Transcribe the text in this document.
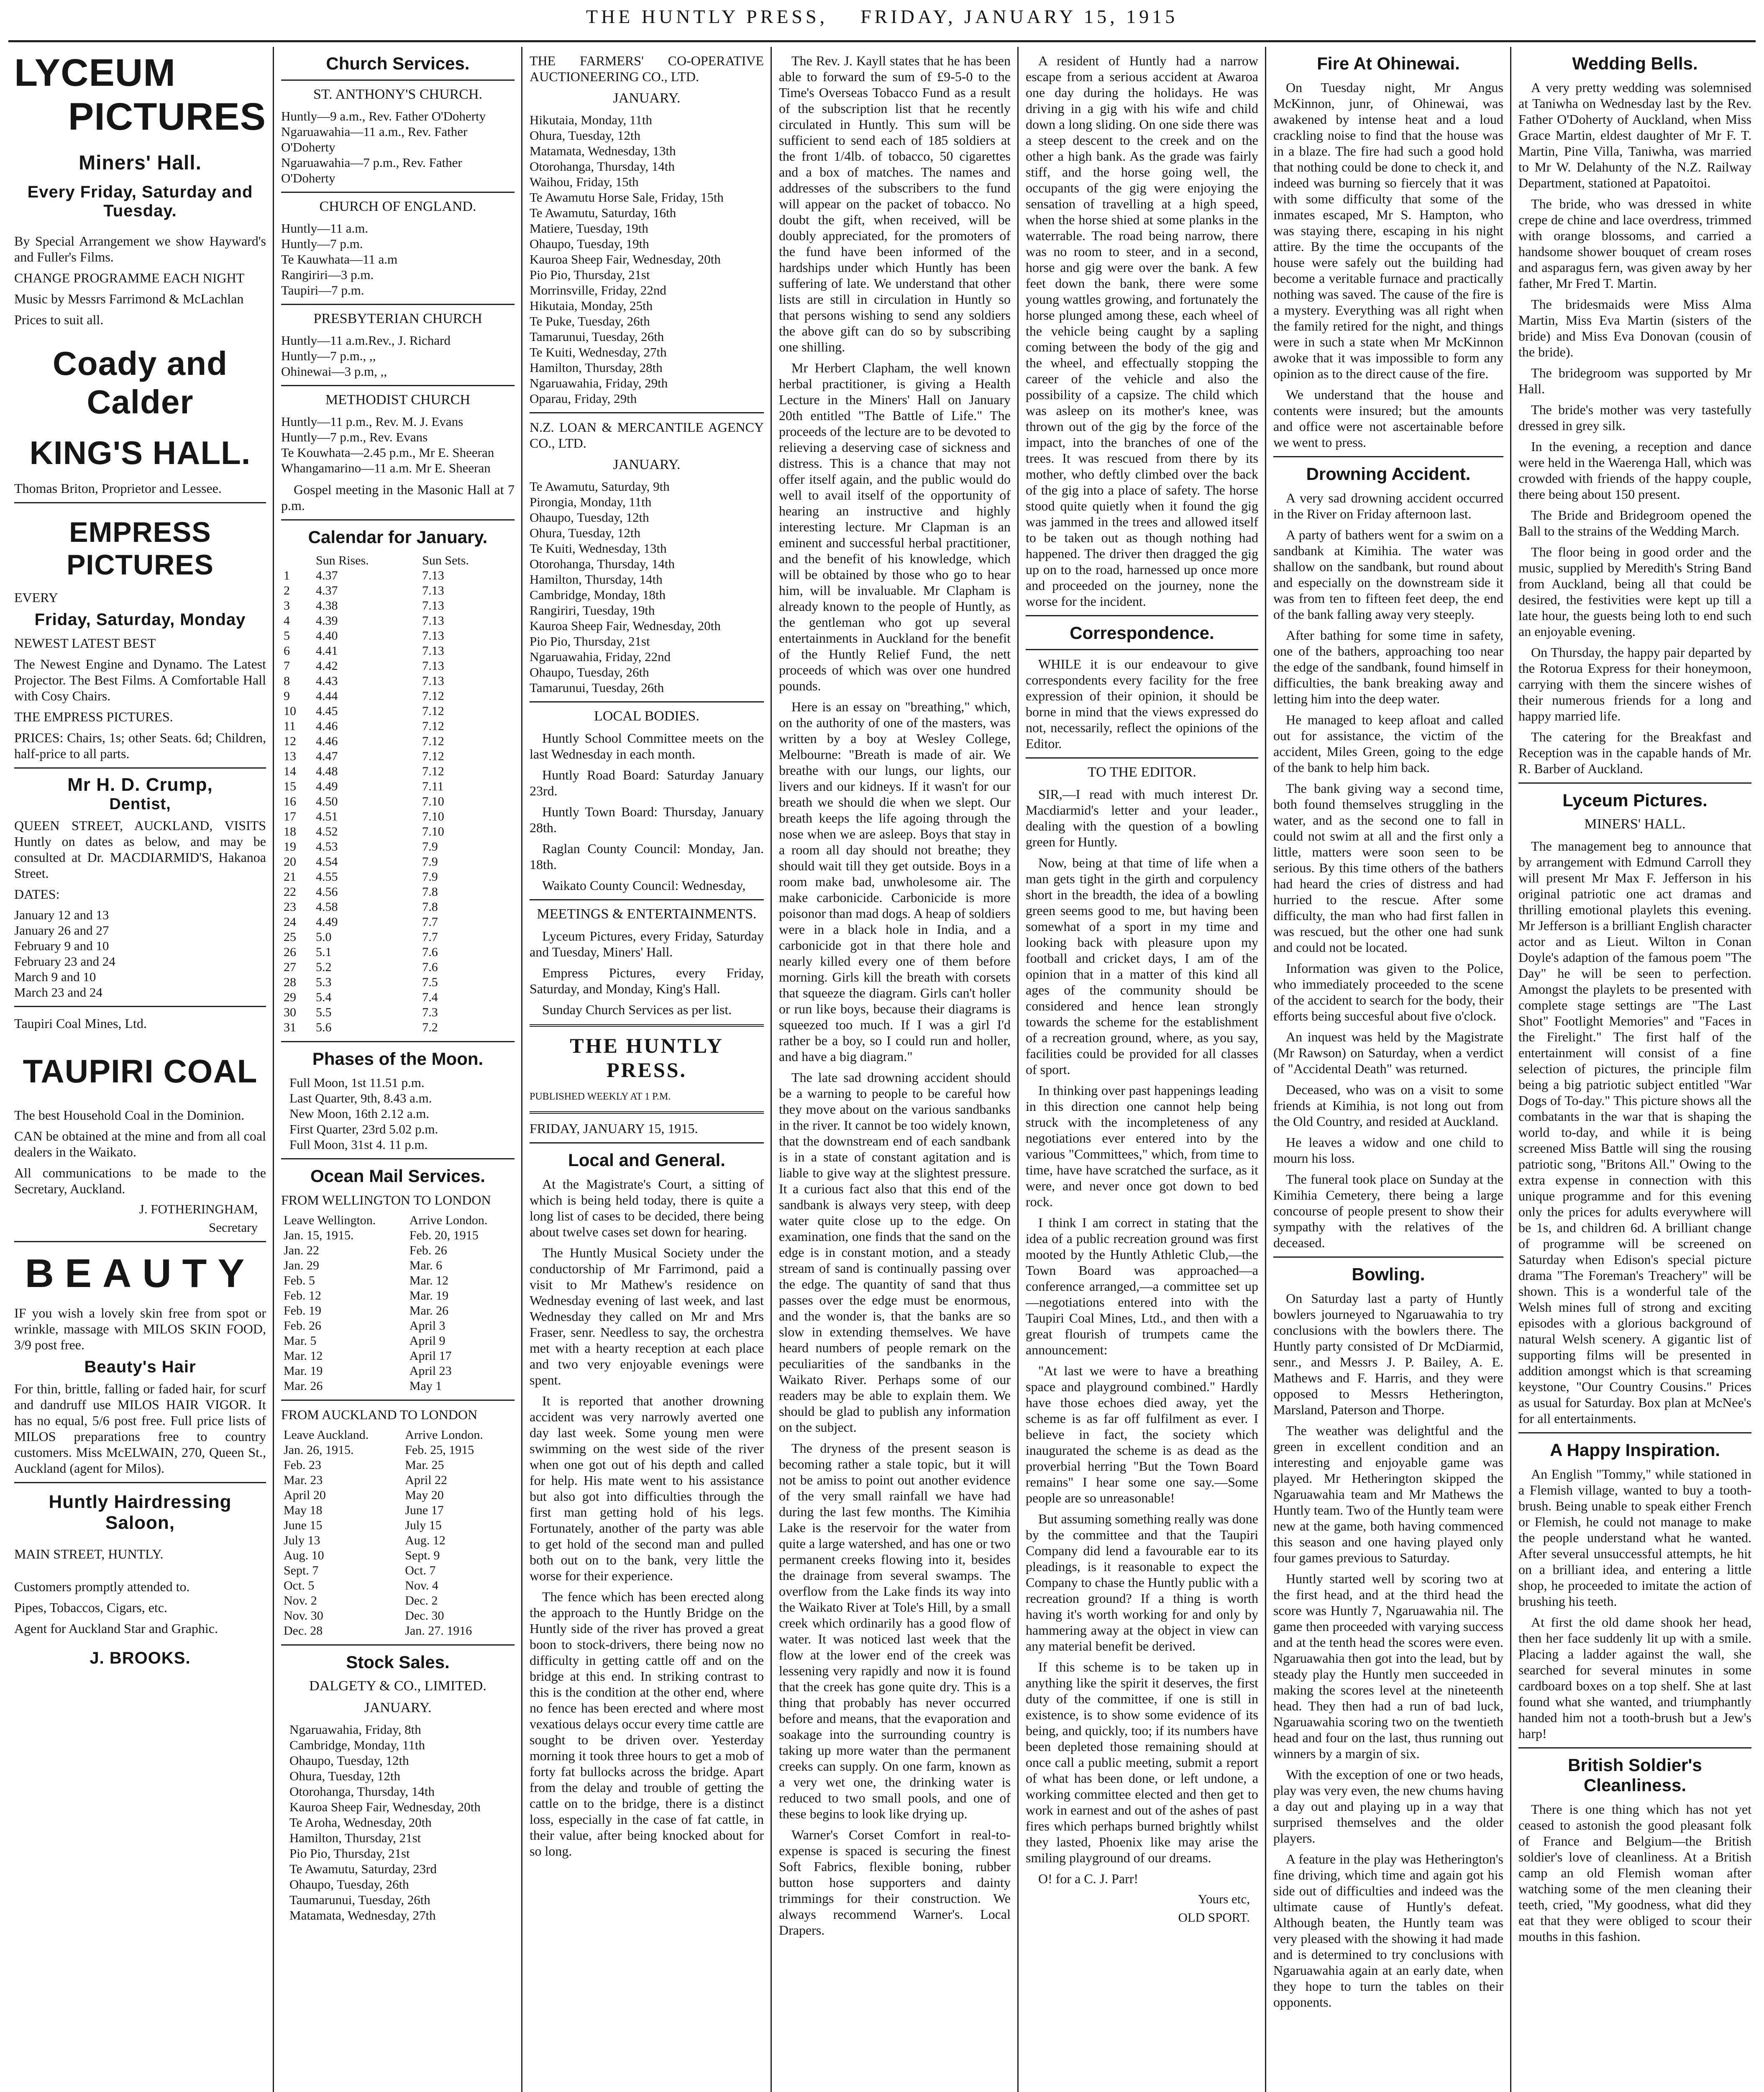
THE HUNTLY PRESS, FRIDAY, JANUARY 15, 1915
LYCEUM
PICTURES
Miners' Hall.
Every Friday, Saturday and Tuesday.

By Special Arrangement we show Hayward's and Fuller's Films.

CHANGE PROGRAMME EACH NIGHT

Music by Messrs Farrimond & McLachlan

Prices to suit all.

Coady and Calder
KING'S HALL.

Thomas Briton, Proprietor and Lessee.

EMPRESS PICTURES

EVERY

Friday, Saturday, Monday

NEWEST LATEST BEST

The Newest Engine and Dynamo. The Latest Projector. The Best Films. A Comfortable Hall with Cosy Chairs.

THE EMPRESS PICTURES.

PRICES: Chairs, 1s; other Seats. 6d; Children, half-price to all parts.

Mr H. D. Crump,
Dentist,

QUEEN STREET, AUCKLAND, VISITS Huntly on dates as below, and may be consulted at Dr. MACDIARMID'S, Hakanoa Street.

DATES:

January 12 and 13
January 26 and 27
February 9 and 10
February 23 and 24
March 9 and 10
March 23 and 24

Taupiri Coal Mines, Ltd.

TAUPIRI COAL

The best Household Coal in the Dominion.

CAN be obtained at the mine and from all coal dealers in the Waikato.

All communications to be made to the Secretary, Auckland.

J. FOTHERINGHAM,
Secretary
BEAUTY

IF you wish a lovely skin free from spot or wrinkle, massage with MILOS SKIN FOOD, 3/9 post free.

Beauty's Hair

For thin, brittle, falling or faded hair, for scurf and dandruff use MILOS HAIR VIGOR. It has no equal, 5/6 post free. Full price lists of MILOS preparations free to country customers. Miss McELWAIN, 270, Queen St., Auckland (agent for Milos).

Huntly Hairdressing Saloon,

MAIN STREET, HUNTLY.

Customers promptly attended to.

Pipes, Tobaccos, Cigars, etc.

Agent for Auckland Star and Graphic.

J. BROOKS.
Church Services.
ST. ANTHONY'S CHURCH.
Huntly—9 a.m., Rev. Father O'Doherty
Ngaruawahia—11 a.m., Rev. Father O'Doherty
Ngaruawahia—7 p.m., Rev. Father O'Doherty
CHURCH OF ENGLAND.
Huntly—11 a.m.
Huntly—7 p.m.
Te Kauwhata—11 a.m
Rangiriri—3 p.m.
Taupiri—7 p.m.
PRESBYTERIAN CHURCH
Huntly—11 a.m.Rev., J. Richard
Huntly—7 p.m., ,,
Ohinewai—3 p.m, ,,
METHODIST CHURCH
Huntly—11 p.m., Rev. M. J. Evans
Huntly—7 p.m., Rev. Evans
Te Kouwhata—2.45 p.m., Mr E. Sheeran
Whangamarino—11 a.m. Mr E. Sheeran

Gospel meeting in the Masonic Hall at 7 p.m.

Calendar for January.
	Sun Rises.	Sun Sets.
1	4.37	7.13
2	4.37	7.13
3	4.38	7.13
4	4.39	7.13
5	4.40	7.13
6	4.41	7.13
7	4.42	7.13
8	4.43	7.13
9	4.44	7.12
10	4.45	7.12
11	4.46	7.12
12	4.46	7.12
13	4.47	7.12
14	4.48	7.12
15	4.49	7.11
16	4.50	7.10
17	4.51	7.10
18	4.52	7.10
19	4.53	7.9
20	4.54	7.9
21	4.55	7.9
22	4.56	7.8
23	4.58	7.8
24	4.49	7.7
25	5.0	7.7
26	5.1	7.6
27	5.2	7.6
28	5.3	7.5
29	5.4	7.4
30	5.5	7.3
31	5.6	7.2
Phases of the Moon.
Full Moon, 1st 11.51 p.m.
Last Quarter, 9th, 8.43 a.m.
New Moon, 16th 2.12 a.m.
First Quarter, 23rd 5.02 p.m.
Full Moon, 31st 4. 11 p.m.
Ocean Mail Services.

FROM WELLINGTON TO LONDON

Leave Wellington.	Arrive London.
Jan. 15, 1915.	Feb. 20, 1915
Jan. 22	Feb. 26
Jan. 29	Mar. 6
Feb. 5	Mar. 12
Feb. 12	Mar. 19
Feb. 19	Mar. 26
Feb. 26	April 3
Mar. 5	April 9
Mar. 12	April 17
Mar. 19	April 23
Mar. 26	May 1

FROM AUCKLAND TO LONDON

Leave Auckland.	Arrive London.
Jan. 26, 1915.	Feb. 25, 1915
Feb. 23	Mar. 25
Mar. 23	April 22
April 20	May 20
May 18	June 17
June 15	July 15
July 13	Aug. 12
Aug. 10	Sept. 9
Sept. 7	Oct. 7
Oct. 5	Nov. 4
Nov. 2	Dec. 2
Nov. 30	Dec. 30
Dec. 28	Jan. 27. 1916
Stock Sales.
DALGETY & CO., LIMITED.
JANUARY.
Ngaruawahia, Friday, 8th
Cambridge, Monday, 11th
Ohaupo, Tuesday, 12th
Ohura, Tuesday, 12th
Otorohanga, Thursday, 14th
Kauroa Sheep Fair, Wednesday, 20th
Te Aroha, Wednesday, 20th
Hamilton, Thursday, 21st
Pio Pio, Thursday, 21st
Te Awamutu, Saturday, 23rd
Ohaupo, Tuesday, 26th
Taumarunui, Tuesday, 26th
Matamata, Wednesday, 27th

THE FARMERS' CO-OPERATIVE AUCTIONEERING CO., LTD.

JANUARY.
Hikutaia, Monday, 11th
Ohura, Tuesday, 12th
Matamata, Wednesday, 13th
Otorohanga, Thursday, 14th
Waihou, Friday, 15th
Te Awamutu Horse Sale, Friday, 15th
Te Awamutu, Saturday, 16th
Matiere, Tuesday, 19th
Ohaupo, Tuesday, 19th
Kauroa Sheep Fair, Wednesday, 20th
Pio Pio, Thursday, 21st
Morrinsville, Friday, 22nd
Hikutaia, Monday, 25th
Te Puke, Tuesday, 26th
Tamarunui, Tuesday, 26th
Te Kuiti, Wednesday, 27th
Hamilton, Thursday, 28th
Ngaruawahia, Friday, 29th
Oparau, Friday, 29th

N.Z. LOAN & MERCANTILE AGENCY CO., LTD.

JANUARY.
Te Awamutu, Saturday, 9th
Pirongia, Monday, 11th
Ohaupo, Tuesday, 12th
Ohura, Tuesday, 12th
Te Kuiti, Wednesday, 13th
Otorohanga, Thursday, 14th
Hamilton, Thursday, 14th
Cambridge, Monday, 18th
Rangiriri, Tuesday, 19th
Kauroa Sheep Fair, Wednesday, 20th
Pio Pio, Thursday, 21st
Ngaruawahia, Friday, 22nd
Ohaupo, Tuesday, 26th
Tamarunui, Tuesday, 26th
LOCAL BODIES.

Huntly School Committee meets on the last Wednesday in each month.

Huntly Road Board: Saturday January 23rd.

Huntly Town Board: Thursday, January 28th.

Raglan County Council: Monday, Jan. 18th.

Waikato County Council: Wednesday,

MEETINGS & ENTERTAINMENTS.

Lyceum Pictures, every Friday, Saturday and Tuesday, Miners' Hall.

Empress Pictures, every Friday, Saturday, and Monday, King's Hall.

Sunday Church Services as per list.

THE HUNTLY PRESS.

PUBLISHED WEEKLY AT 1 P.M.

FRIDAY, JANUARY 15, 1915.

Local and General.

At the Magistrate's Court, a sitting of which is being held today, there is quite a long list of cases to be decided, there being about twelve cases set down for hearing.

The Huntly Musical Society under the conductorship of Mr Farrimond, paid a visit to Mr Mathew's residence on Wednesday evening of last week, and last Wednesday they called on Mr and Mrs Fraser, senr. Needless to say, the orchestra met with a hearty reception at each place and two very enjoyable evenings were spent.

It is reported that another drowning accident was very narrowly averted one day last week. Some young men were swimming on the west side of the river when one got out of his depth and called for help. His mate went to his assistance but also got into difficulties through the first man getting hold of his legs. Fortunately, another of the party was able to get hold of the second man and pulled both out on to the bank, very little the worse for their experience.

The fence which has been erected along the approach to the Huntly Bridge on the Huntly side of the river has proved a great boon to stock-drivers, there being now no difficulty in getting cattle off and on the bridge at this end. In striking contrast to this is the condition at the other end, where no fence has been erected and where most vexatious delays occur every time cattle are sought to be driven over. Yesterday morning it took three hours to get a mob of forty fat bullocks across the bridge. Apart from the delay and trouble of getting the cattle on to the bridge, there is a distinct loss, especially in the case of fat cattle, in their value, after being knocked about for so long.

The Rev. J. Kayll states that he has been able to forward the sum of £9-5-0 to the Time's Overseas Tobacco Fund as a result of the subscription list that he recently circulated in Huntly. This sum will be sufficient to send each of 185 soldiers at the front 1/4lb. of tobacco, 50 cigarettes and a box of matches. The names and addresses of the subscribers to the fund will appear on the packet of tobacco. No doubt the gift, when received, will be doubly appreciated, for the promoters of the fund have been informed of the hardships under which Huntly has been suffering of late. We understand that other lists are still in circulation in Huntly so that persons wishing to send any soldiers the above gift can do so by subscribing one shilling.

Mr Herbert Clapham, the well known herbal practitioner, is giving a Health Lecture in the Miners' Hall on January 20th entitled "The Battle of Life." The proceeds of the lecture are to be devoted to relieving a deserving case of sickness and distress. This is a chance that may not offer itself again, and the public would do well to avail itself of the opportunity of hearing an instructive and highly interesting lecture. Mr Clapman is an eminent and successful herbal practitioner, and the benefit of his knowledge, which will be obtained by those who go to hear him, will be invaluable. Mr Clapham is already known to the people of Huntly, as the gentleman who got up several entertainments in Auckland for the benefit of the Huntly Relief Fund, the nett proceeds of which was over one hundred pounds.

Here is an essay on "breathing," which, on the authority of one of the masters, was written by a boy at Wesley College, Melbourne: "Breath is made of air. We breathe with our lungs, our lights, our livers and our kidneys. If it wasn't for our breath we should die when we slept. Our breath keeps the life agoing through the nose when we are asleep. Boys that stay in a room all day should not breathe; they should wait till they get outside. Boys in a room make bad, unwholesome air. The make carbonicide. Carbonicide is more poisonor than mad dogs. A heap of soldiers were in a black hole in India, and a carbonicide got in that there hole and nearly killed every one of them before morning. Girls kill the breath with corsets that squeeze the diagram. Girls can't holler or run like boys, because their diagrams is squeezed too much. If I was a girl I'd rather be a boy, so I could run and holler, and have a big diagram."

The late sad drowning accident should be a warning to people to be careful how they move about on the various sandbanks in the river. It cannot be too widely known, that the downstream end of each sandbank is in a state of constant agitation and is liable to give way at the slightest pressure. It a curious fact also that this end of the sandbank is always very steep, with deep water quite close up to the edge. On examination, one finds that the sand on the edge is in constant motion, and a steady stream of sand is continually passing over the edge. The quantity of sand that thus passes over the edge must be enormous, and the wonder is, that the banks are so slow in extending themselves. We have heard numbers of people remark on the peculiarities of the sandbanks in the Waikato River. Perhaps some of our readers may be able to explain them. We should be glad to publish any information on the subject.

The dryness of the present season is becoming rather a stale topic, but it will not be amiss to point out another evidence of the very small rainfall we have had during the last few months. The Kimihia Lake is the reservoir for the water from quite a large watershed, and has one or two permanent creeks flowing into it, besides the drainage from several swamps. The overflow from the Lake finds its way into the Waikato River at Tole's Hill, by a small creek which ordinarily has a good flow of water. It was noticed last week that the flow at the lower end of the creek was lessening very rapidly and now it is found that the creek has gone quite dry. This is a thing that probably has never occurred before and means, that the evaporation and soakage into the surrounding country is taking up more water than the permanent creeks can supply. On one farm, known as a very wet one, the drinking water is reduced to two small pools, and one of these begins to look like drying up.

Warner's Corset Comfort in real-to-expense is spaced is securing the finest Soft Fabrics, flexible boning, rubber button hose supporters and dainty trimmings for their construction. We always recommend Warner's. Local Drapers.

A resident of Huntly had a narrow escape from a serious accident at Awaroa one day during the holidays. He was driving in a gig with his wife and child down a long sliding. On one side there was a steep descent to the creek and on the other a high bank. As the grade was fairly stiff, and the horse going well, the occupants of the gig were enjoying the sensation of travelling at a high speed, when the horse shied at some planks in the waterrable. The road being narrow, there was no room to steer, and in a second, horse and gig were over the bank. A few feet down the bank, there were some young wattles growing, and fortunately the horse plunged among these, each wheel of the vehicle being caught by a sapling coming between the body of the gig and the wheel, and effectually stopping the career of the vehicle and also the possibility of a capsize. The child which was asleep on its mother's knee, was thrown out of the gig by the force of the impact, into the branches of one of the trees. It was rescued from there by its mother, who deftly climbed over the back of the gig into a place of safety. The horse stood quite quietly when it found the gig was jammed in the trees and allowed itself to be taken out as though nothing had happened. The driver then dragged the gig up on to the road, harnessed up once more and proceeded on the journey, none the worse for the incident.

Correspondence.

WHILE it is our endeavour to give correspondents every facility for the free expression of their opinion, it should be borne in mind that the views expressed do not, necessarily, reflect the opinions of the Editor.

TO THE EDITOR.

SIR,—I read with much interest Dr. Macdiarmid's letter and your leader., dealing with the question of a bowling green for Huntly.

Now, being at that time of life when a man gets tight in the girth and corpulency short in the breadth, the idea of a bowling green seems good to me, but having been somewhat of a sport in my time and looking back with pleasure upon my football and cricket days, I am of the opinion that in a matter of this kind all ages of the community should be considered and hence lean strongly towards the scheme for the establishment of a recreation ground, where, as you say, facilities could be provided for all classes of sport.

In thinking over past happenings leading in this direction one cannot help being struck with the incompleteness of any negotiations ever entered into by the various "Committees," which, from time to time, have have scratched the surface, as it were, and never once got down to bed rock.

I think I am correct in stating that the idea of a public recreation ground was first mooted by the Huntly Athletic Club,—the Town Board was approached—a conference arranged,—a committee set up—negotiations entered into with the Taupiri Coal Mines, Ltd., and then with a great flourish of trumpets came the announcement:

"At last we were to have a breathing space and playground combined." Hardly have those echoes died away, yet the scheme is as far off fulfilment as ever. I believe in fact, the society which inaugurated the scheme is as dead as the proverbial herring "But the Town Board remains" I hear some one say.—Some people are so unreasonable!

But assuming something really was done by the committee and that the Taupiri Company did lend a favourable ear to its pleadings, is it reasonable to expect the Company to chase the Huntly public with a recreation ground? If a thing is worth having it's worth working for and only by hammering away at the object in view can any material benefit be derived.

If this scheme is to be taken up in anything like the spirit it deserves, the first duty of the committee, if one is still in existence, is to show some evidence of its being, and quickly, too; if its numbers have been depleted those remaining should at once call a public meeting, submit a report of what has been done, or left undone, a working committee elected and then get to work in earnest and out of the ashes of past fires which perhaps burned brightly whilst they lasted, Phoenix like may arise the smiling playground of our dreams.

O! for a C. J. Parr!

Yours etc,
OLD SPORT.
Fire At Ohinewai.

On Tuesday night, Mr Angus McKinnon, junr, of Ohinewai, was awakened by intense heat and a loud crackling noise to find that the house was in a blaze. The fire had such a good hold that nothing could be done to check it, and indeed was burning so fiercely that it was with some difficulty that some of the inmates escaped, Mr S. Hampton, who was staying there, escaping in his night attire. By the time the occupants of the house were safely out the building had become a veritable furnace and practically nothing was saved. The cause of the fire is a mystery. Everything was all right when the family retired for the night, and things were in such a state when Mr McKinnon awoke that it was impossible to form any opinion as to the direct cause of the fire.

We understand that the house and contents were insured; but the amounts and office were not ascertainable before we went to press.

Drowning Accident.

A very sad drowning accident occurred in the River on Friday afternoon last.

A party of bathers went for a swim on a sandbank at Kimihia. The water was shallow on the sandbank, but round about and especially on the downstream side it was from ten to fifteen feet deep, the end of the bank falling away very steeply.

After bathing for some time in safety, one of the bathers, approaching too near the edge of the sandbank, found himself in difficulties, the bank breaking away and letting him into the deep water.

He managed to keep afloat and called out for assistance, the victim of the accident, Miles Green, going to the edge of the bank to help him back.

The bank giving way a second time, both found themselves struggling in the water, and as the second one to fall in could not swim at all and the first only a little, matters were soon seen to be serious. By this time others of the bathers had heard the cries of distress and had hurried to the rescue. After some difficulty, the man who had first fallen in was rescued, but the other one had sunk and could not be located.

Information was given to the Police, who immediately proceeded to the scene of the accident to search for the body, their efforts being succesful about five o'clock.

An inquest was held by the Magistrate (Mr Rawson) on Saturday, when a verdict of "Accidental Death" was returned.

Deceased, who was on a visit to some friends at Kimihia, is not long out from the Old Country, and resided at Auckland.

He leaves a widow and one child to mourn his loss.

The funeral took place on Sunday at the Kimihia Cemetery, there being a large concourse of people present to show their sympathy with the relatives of the deceased.

Bowling.

On Saturday last a party of Huntly bowlers journeyed to Ngaruawahia to try conclusions with the bowlers there. The Huntly party consisted of Dr McDiarmid, senr., and Messrs J. P. Bailey, A. E. Mathews and F. Harris, and they were opposed to Messrs Hetherington, Marsland, Paterson and Thorpe.

The weather was delightful and the green in excellent condition and an interesting and enjoyable game was played. Mr Hetherington skipped the Ngaruawahia team and Mr Mathews the Huntly team. Two of the Huntly team were new at the game, both having commenced this season and one having played only four games previous to Saturday.

Huntly started well by scoring two at the first head, and at the third head the score was Huntly 7, Ngaruawahia nil. The game then proceeded with varying success and at the tenth head the scores were even. Ngaruawahia then got into the lead, but by steady play the Huntly men succeeded in making the scores level at the nineteenth head. They then had a run of bad luck, Ngaruawahia scoring two on the twentieth head and four on the last, thus running out winners by a margin of six.

With the exception of one or two heads, play was very even, the new chums having a day out and playing up in a way that surprised themselves and the older players.

A feature in the play was Hetherington's fine driving, which time and again got his side out of difficulties and indeed was the ultimate cause of Huntly's defeat. Although beaten, the Huntly team was very pleased with the showing it had made and is determined to try conclusions with Ngaruawahia again at an early date, when they hope to turn the tables on their opponents.

Wedding Bells.

A very pretty wedding was solemnised at Taniwha on Wednesday last by the Rev. Father O'Doherty of Auckland, when Miss Grace Martin, eldest daughter of Mr F. T. Martin, Pine Villa, Taniwha, was married to Mr W. Delahunty of the N.Z. Railway Department, stationed at Papatoitoi.

The bride, who was dressed in white crepe de chine and lace overdress, trimmed with orange blossoms, and carried a handsome shower bouquet of cream roses and asparagus fern, was given away by her father, Mr Fred T. Martin.

The bridesmaids were Miss Alma Martin, Miss Eva Martin (sisters of the bride) and Miss Eva Donovan (cousin of the bride).

The bridegroom was supported by Mr Hall.

The bride's mother was very tastefully dressed in grey silk.

In the evening, a reception and dance were held in the Waerenga Hall, which was crowded with friends of the happy couple, there being about 150 present.

The Bride and Bridegroom opened the Ball to the strains of the Wedding March.

The floor being in good order and the music, supplied by Meredith's String Band from Auckland, being all that could be desired, the festivities were kept up till a late hour, the guests being loth to end such an enjoyable evening.

On Thursday, the happy pair departed by the Rotorua Express for their honeymoon, carrying with them the sincere wishes of their numerous friends for a long and happy married life.

The catering for the Breakfast and Reception was in the capable hands of Mr. R. Barber of Auckland.

Lyceum Pictures.
MINERS' HALL.

The management beg to announce that by arrangement with Edmund Carroll they will present Mr Max F. Jefferson in his original patriotic one act dramas and thrilling emotional playlets this evening. Mr Jefferson is a brilliant English character actor and as Lieut. Wilton in Conan Doyle's adaption of the famous poem "The Day" he will be seen to perfection. Amongst the playlets to be presented with complete stage settings are "The Last Shot" Footlight Memories" and "Faces in the Firelight." The first half of the entertainment will consist of a fine selection of pictures, the principle film being a big patriotic subject entitled "War Dogs of To-day." This picture shows all the combatants in the war that is shaping the world to-day, and while it is being screened Miss Battle will sing the rousing patriotic song, "Britons All." Owing to the extra expense in connection with this unique programme and for this evening only the prices for adults everywhere will be 1s, and children 6d. A brilliant change of programme will be screened on Saturday when Edison's special picture drama "The Foreman's Treachery" will be shown. This is a wonderful tale of the Welsh mines full of strong and exciting episodes with a glorious background of natural Welsh scenery. A gigantic list of supporting films will be presented in addition amongst which is that screaming keystone, "Our Country Cousins." Prices as usual for Saturday. Box plan at McNee's for all entertainments.

A Happy Inspiration.

An English "Tommy," while stationed in a Flemish village, wanted to buy a tooth-brush. Being unable to speak either French or Flemish, he could not manage to make the people understand what he wanted. After several unsuccessful attempts, he hit on a brilliant idea, and entering a little shop, he proceeded to imitate the action of brushing his teeth.

At first the old dame shook her head, then her face suddenly lit up with a smile. Placing a ladder against the wall, she searched for several minutes in some cardboard boxes on a top shelf. She at last found what she wanted, and triumphantly handed him not a tooth-brush but a Jew's harp!

British Soldier's Cleanliness.

There is one thing which has not yet ceased to astonish the good pleasant folk of France and Belgium—the British soldier's love of cleanliness. At a British camp an old Flemish woman after watching some of the men cleaning their teeth, cried, "My goodness, what did they eat that they were obliged to scour their mouths in this fashion.
